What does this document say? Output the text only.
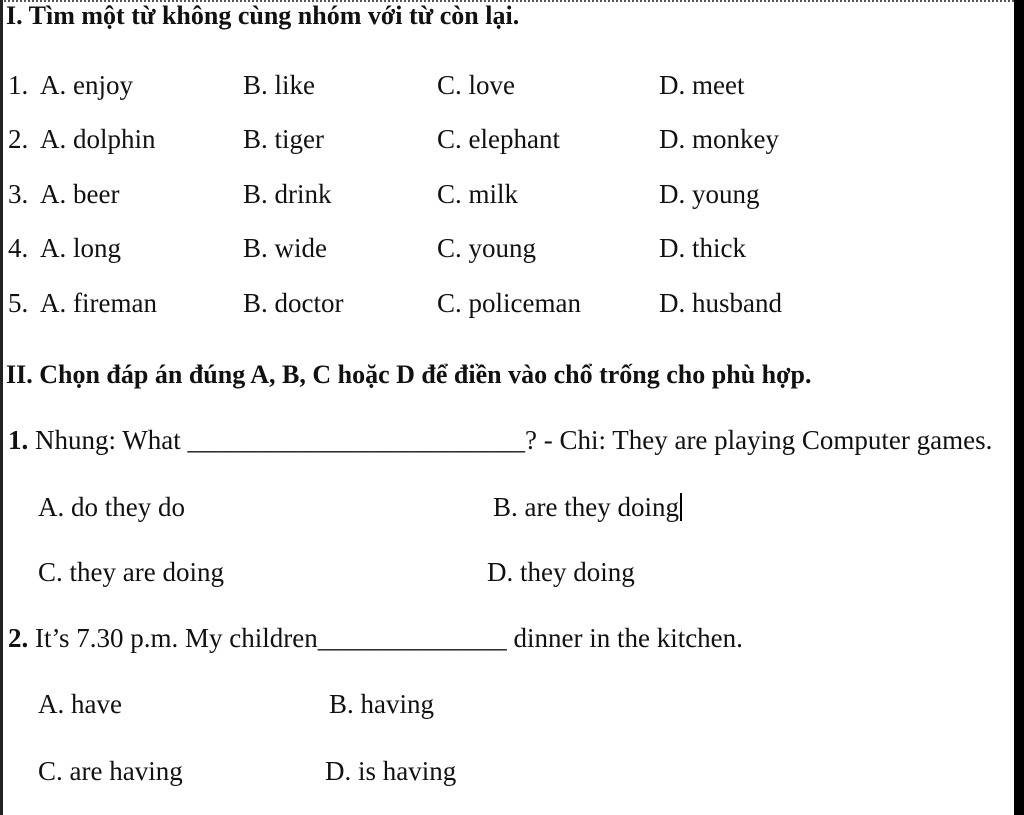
I. Tìm một từ không cùng nhóm với từ còn lại.
1. A. enjoy	B. like	C. love	D. meet
2. A. dolphin	B. tiger	C. elephant	D. monkey
3. A. beer	B. drink	C. milk	D. young
4. A. long	B. wide	C. young	D. thick
5. A. fireman	B. doctor	C. policeman	D. husband
II. Chọn đáp án đúng A, B, C hoặc D để điền vào chổ trống cho phù hợp.
1. Nhung: What _________________________? - Chi: They are playing Computer games.
A. do they do	B. are they doing
C. they are doing	D. they doing
2. It’s 7.30 p.m. My children______________ dinner in the kitchen.
A. have	B. having
C. are having	D. is having
